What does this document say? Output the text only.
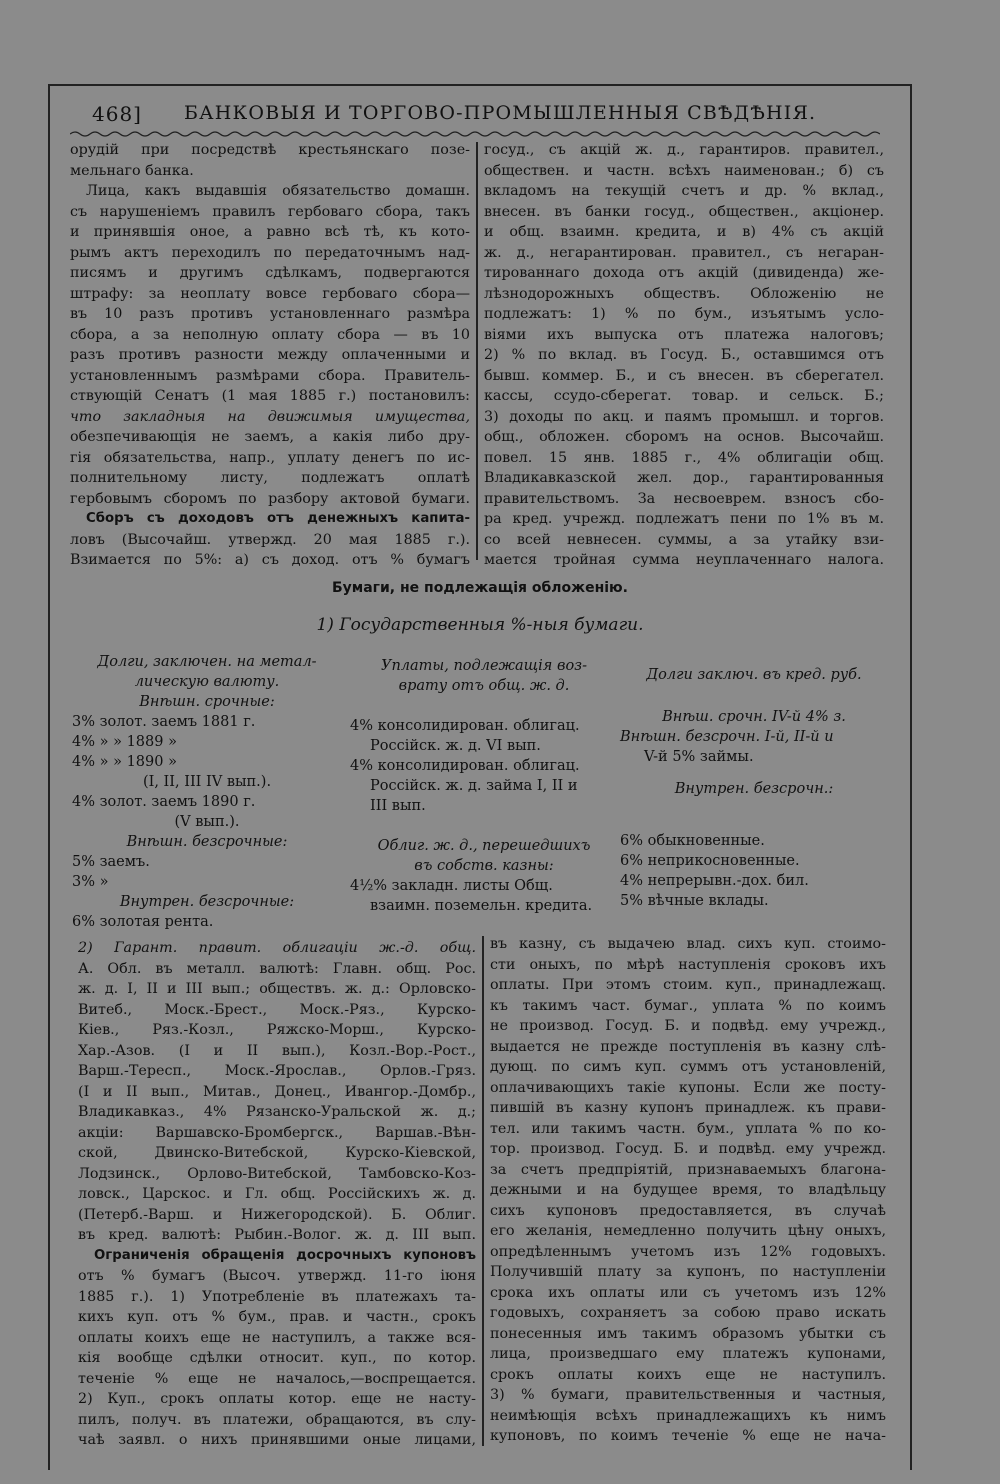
468] БАНКОВЫЯ И ТОРГОВО-ПРОМЫШЛЕННЫЯ СВѢДѢНІЯ.

орудій при посредствѣ крестьянскаго позе-

мельнаго банка.

Лица, какъ выдавшія обязательство домашн.

съ нарушеніемъ правилъ гербоваго сбора, такъ

и принявшія оное, а равно всѣ тѣ, къ кото-

рымъ актъ переходилъ по передаточнымъ над-

писямъ и другимъ сдѣлкамъ, подвергаются

штрафу: за неоплату вовсе гербоваго сбора—

въ 10 разъ противъ установленнаго размѣра

сбора, а за неполную оплату сбора — въ 10

разъ противъ разности между оплаченными и

установленнымъ размѣрами сбора. Правитель-

ствующій Сенатъ (1 мая 1885 г.) постановилъ:

что закладныя на движимыя имущества,

обезпечивающія не заемъ, а какія либо дру-

гія обязательства, напр., уплату денегъ по ис-

полнительному листу, подлежатъ оплатѣ

гербовымъ сборомъ по разбору актовой бумаги.

Сборъ съ доходовъ отъ денежныхъ капита-

ловъ (Высочайш. утвержд. 20 мая 1885 г.).

Взимается по 5%: а) съ доход. отъ % бумагъ

госуд., съ акцій ж. д., гарантиров. правител.,

обществен. и частн. всѣхъ наименован.; б) съ

вкладомъ на текущій счетъ и др. % вклад.,

внесен. въ банки госуд., обществен., акціонер.

и общ. взаимн. кредита, и в) 4% съ акцій

ж. д., негарантирован. правител., съ негаран-

тированнаго дохода отъ акцій (дивиденда) же-

лѣзнодорожныхъ обществъ. Обложенію не

подлежатъ: 1) % по бум., изъятымъ усло-

віями ихъ выпуска отъ платежа налоговъ;

2) % по вклад. въ Госуд. Б., оставшимся отъ

бывш. коммер. Б., и съ внесен. въ сберегател.

кассы, ссудо-сберегат. товар. и сельск. Б.;

3) доходы по акц. и паямъ промышл. и торгов.

общ., обложен. сборомъ на основ. Высочайш.

повел. 15 янв. 1885 г., 4% облигаціи общ.

Владикавказской жел. дор., гарантированныя

правительствомъ. За несвоеврем. взносъ сбо-

ра кред. учрежд. подлежатъ пени по 1% въ м.

со всей невнесен. суммы, а за утайку взи-

мается тройная сумма неуплаченнаго налога.

Бумаги, не подлежащія обложенію.
1) Государственныя %-ныя бумаги.

Долги, заключен. на метал-

лическую валюту.

Внѣшн. срочные:

3% золот. заемъ 1881 г.

4% » » 1889 »

4% » » 1890 »

(I, II, III IV вып.).

4% золот. заемъ 1890 г.

(V вып.).

Внѣшн. безсрочные:

5% заемъ.

3% »

Внутрен. безсрочные:

6% золотая рента.

Уплаты, подлежащія воз-

врату отъ общ. ж. д.

4% консолидирован. облигац.

Россійск. ж. д. VI вып.

4% консолидирован. облигац.

Россійск. ж. д. займа I, II и

III вып.

Облиг. ж. д., перешедшихъ

въ собств. казны:

4½% закладн. листы Общ.

взаимн. поземельн. кредита.

Долги заключ. въ кред. руб.

Внѣш. срочн. IV-й 4% з.

Внѣшн. безсрочн. I-й, II-й и

V-й 5% займы.

Внутрен. безсрочн.:

6% обыкновенные.

6% неприкосновенные.

4% непрерывн.-дох. бил.

5% вѣчные вклады.

2) Гарант. правит. облигаціи ж.-д. общ.

А. Обл. въ металл. валютѣ: Главн. общ. Рос.

ж. д. I, II и III вып.; обществъ. ж. д.: Орловско-

Витеб., Моск.-Брест., Моск.-Ряз., Курско-

Кіев., Ряз.-Козл., Ряжско-Морш., Курско-

Хар.-Азов. (I и II вып.), Козл.-Вор.-Рост.,

Варш.-Тересп., Моск.-Ярослав., Орлов.-Гряз.

(I и II вып., Митав., Донец., Ивангор.-Домбр.,

Владикавказ., 4% Рязанско-Уральской ж. д.;

акціи: Варшавско-Бромбергск., Варшав.-Вѣн-

ской, Двинско-Витебской, Курско-Кіевской,

Лодзинск., Орлово-Витебской, Тамбовско-Коз-

ловск., Царскос. и Гл. общ. Россійскихъ ж. д.

(Петерб.-Варш. и Нижегородской). Б. Облиг.

въ кред. валютѣ: Рыбин.-Волог. ж. д. III вып.

Ограниченія обращенія досрочныхъ купоновъ

отъ % бумагъ (Высоч. утвержд. 11-го іюня

1885 г.). 1) Употребленіе въ платежахъ та-

кихъ куп. отъ % бум., прав. и частн., срокъ

оплаты коихъ еще не наступилъ, а также вся-

кія вообще сдѣлки относит. куп., по котор.

теченіе % еще не началось,—воспрещается.

2) Куп., срокъ оплаты котор. еще не насту-

пилъ, получ. въ платежи, обращаются, въ слу-

чаѣ заявл. о нихъ принявшими оные лицами,

въ казну, съ выдачею влад. сихъ куп. стоимо-

сти оныхъ, по мѣрѣ наступленія сроковъ ихъ

оплаты. При этомъ стоим. куп., принадлежащ.

къ такимъ част. бумаг., уплата % по коимъ

не производ. Госуд. Б. и подвѣд. ему учрежд.,

выдается не прежде поступленія въ казну слѣ-

дующ. по симъ куп. суммъ отъ установленій,

оплачивающихъ такіе купоны. Если же посту-

пившій въ казну купонъ принадлеж. къ прави-

тел. или такимъ частн. бум., уплата % по ко-

тор. производ. Госуд. Б. и подвѣд. ему учрежд.

за счетъ предпріятій, признаваемыхъ благона-

дежными и на будущее время, то владѣльцу

сихъ купоновъ предоставляется, въ случаѣ

его желанія, немедленно получить цѣну оныхъ,

опредѣленнымъ учетомъ изъ 12% годовыхъ.

Получившій плату за купонъ, по наступленіи

срока ихъ оплаты или съ учетомъ изъ 12%

годовыхъ, сохраняетъ за собою право искать

понесенныя имъ такимъ образомъ убытки съ

лица, произведшаго ему платежъ купонами,

срокъ оплаты коихъ еще не наступилъ.

3) % бумаги, правительственныя и частныя,

неимѣющія всѣхъ принадлежащихъ къ нимъ

купоновъ, по коимъ теченіе % еще не нача-
